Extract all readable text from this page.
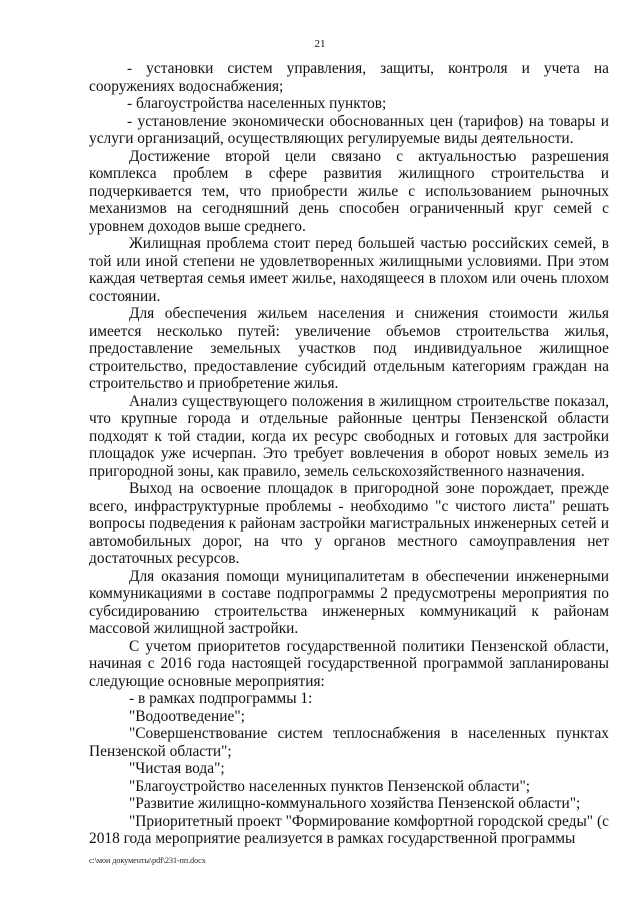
21

- установки систем управления, защиты, контроля и учета на сооружениях водоснабжения;

- благоустройства населенных пунктов;

- установление экономически обоснованных цен (тарифов) на товары и услуги организаций, осуществляющих регулируемые виды деятельности.

Достижение второй цели связано с актуальностью разрешения комплекса проблем в сфере развития жилищного строительства и подчеркивается тем, что приобрести жилье с использованием рыночных механизмов на сегодняшний день способен ограниченный круг семей с уровнем доходов выше среднего.

Жилищная проблема стоит перед большей частью российских семей, в той или иной степени не удовлетворенных жилищными условиями. При этом каждая четвертая семья имеет жилье, находящееся в плохом или очень плохом состоянии.

Для обеспечения жильем населения и снижения стоимости жилья имеется несколько путей: увеличение объемов строительства жилья, предоставление земельных участков под индивидуальное жилищное строительство, предоставление субсидий отдельным категориям граждан на строительство и приобретение жилья.

Анализ существующего положения в жилищном строительстве показал, что крупные города и отдельные районные центры Пензенской области подходят к той стадии, когда их ресурс свободных и готовых для застройки площадок уже исчерпан. Это требует вовлечения в оборот новых земель из пригородной зоны, как правило, земель сельскохозяйственного назначения.

Выход на освоение площадок в пригородной зоне порождает, прежде всего, инфраструктурные проблемы - необходимо "с чистого листа" решать вопросы подведения к районам застройки магистральных инженерных сетей и автомобильных дорог, на что у органов местного самоуправления нет достаточных ресурсов.

Для оказания помощи муниципалитетам в обеспечении инженерными коммуникациями в составе подпрограммы 2 предусмотрены мероприятия по субсидированию строительства инженерных коммуникаций к районам массовой жилищной застройки.

С учетом приоритетов государственной политики Пензенской области, начиная с 2016 года настоящей государственной программой запланированы следующие основные мероприятия:

- в рамках подпрограммы 1:

"Водоотведение";

"Совершенствование систем теплоснабжения в населенных пунктах Пензенской области";

"Чистая вода";

"Благоустройство населенных пунктов Пензенской области";

"Развитие жилищно-коммунального хозяйства Пензенской области";

"Приоритетный проект "Формирование комфортной городской среды" (с 2018 года мероприятие реализуется в рамках государственной программы

c:\мои документы\pdf\231-пп.docx
